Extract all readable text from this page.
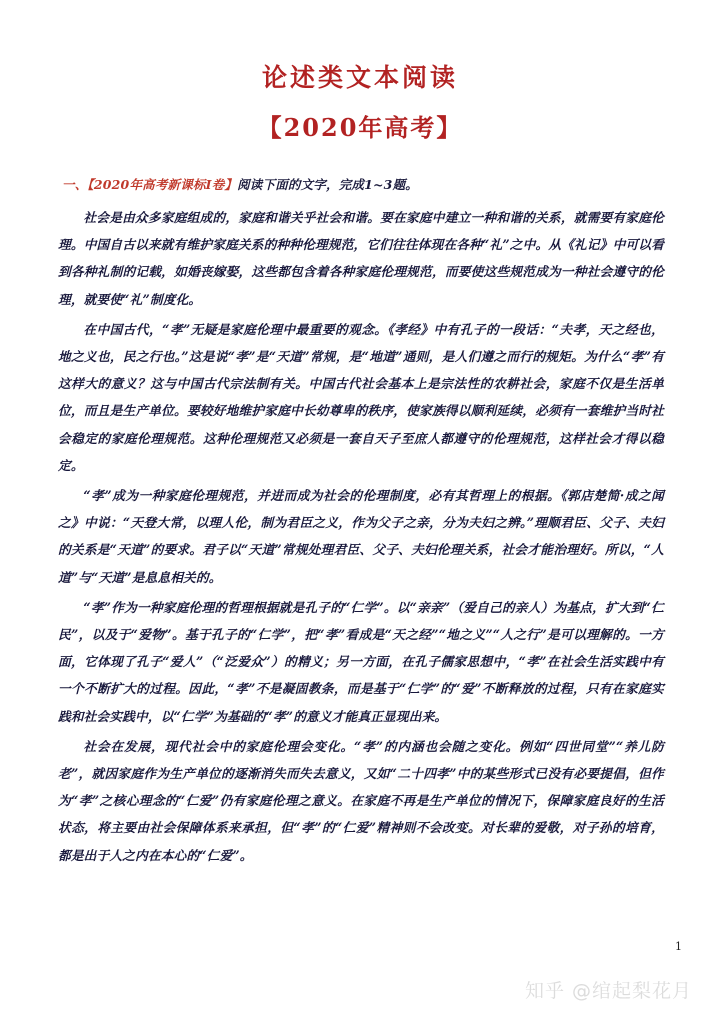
论述类文本阅读
【2020年高考】

一、【2020年高考新课标Ⅰ卷】阅读下面的文字，完成1~3题。

社会是由众多家庭组成的，家庭和谐关乎社会和谐。要在家庭中建立一种和谐的关系，就需要有家庭伦理。中国自古以来就有维护家庭关系的种种伦理规范，它们往往体现在各种“礼”之中。从《礼记》中可以看到各种礼制的记载，如婚丧嫁娶，这些都包含着各种家庭伦理规范，而要使这些规范成为一种社会遵守的伦理，就要使“礼”制度化。

在中国古代，“孝”无疑是家庭伦理中最重要的观念。《孝经》中有孔子的一段话：“夫孝，天之经也，地之义也，民之行也。”这是说“孝”是“天道”常规，是“地道”通则，是人们遵之而行的规矩。为什么“孝”有这样大的意义？这与中国古代宗法制有关。中国古代社会基本上是宗法性的农耕社会，家庭不仅是生活单位，而且是生产单位。要较好地维护家庭中长幼尊卑的秩序，使家族得以顺利延续，必须有一套维护当时社会稳定的家庭伦理规范。这种伦理规范又必须是一套自天子至庶人都遵守的伦理规范，这样社会才得以稳定。

“孝”成为一种家庭伦理规范，并进而成为社会的伦理制度，必有其哲理上的根据。《郭店楚简·成之闻之》中说：“天登大常，以理人伦，制为君臣之义，作为父子之亲，分为夫妇之辨。”理顺君臣、父子、夫妇的关系是“天道”的要求。君子以“天道”常规处理君臣、父子、夫妇伦理关系，社会才能治理好。所以，“人道”与“天道”是息息相关的。

“孝”作为一种家庭伦理的哲理根据就是孔子的“仁学”。以“亲亲”（爱自己的亲人）为基点，扩大到“仁民”，以及于“爱物”。基于孔子的“仁学”，把“孝”看成是“天之经”“地之义”“人之行”是可以理解的。一方面，它体现了孔子“爱人”（“泛爱众”）的精义；另一方面，在孔子儒家思想中，“孝”在社会生活实践中有一个不断扩大的过程。因此，“孝”不是凝固教条，而是基于“仁学”的“爱”不断释放的过程，只有在家庭实践和社会实践中，以“仁学”为基础的“孝”的意义才能真正显现出来。

社会在发展，现代社会中的家庭伦理会变化。“孝”的内涵也会随之变化。例如“四世同堂”“养儿防老”，就因家庭作为生产单位的逐渐消失而失去意义，又如“二十四孝”中的某些形式已没有必要提倡，但作为“孝”之核心理念的“仁爱”仍有家庭伦理之意义。在家庭不再是生产单位的情况下，保障家庭良好的生活状态，将主要由社会保障体系来承担，但“孝”的“仁爱”精神则不会改变。对长辈的爱敬，对子孙的培育，都是出于人之内在本心的“仁爱”。

1
知乎 @绾起梨花月
